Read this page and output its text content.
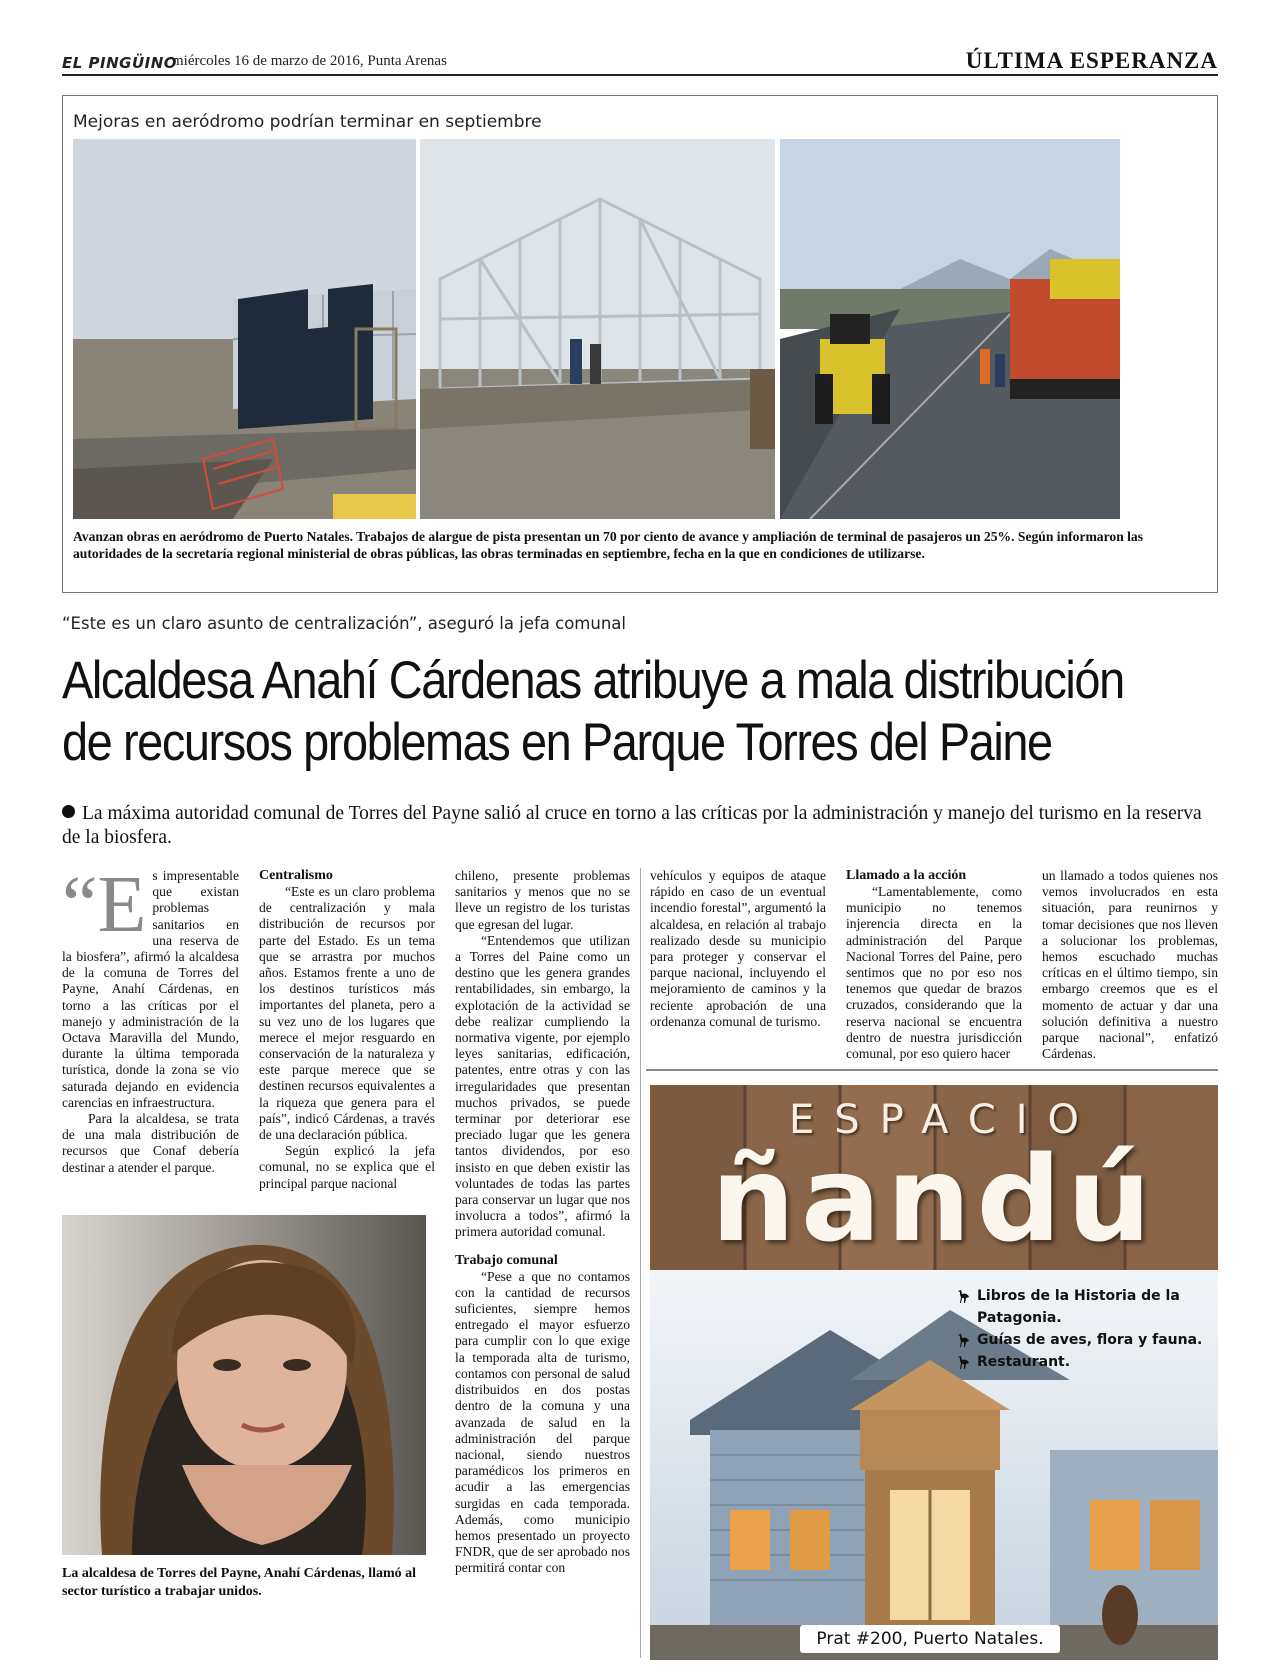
EL PINGÜINO
miércoles 16 de marzo de 2016, Punta Arenas	ÚLTIMA ESPERANZA
Mejoras en aeródromo podrían terminar en septiembre
Avanzan obras en aeródromo de Puerto Natales. Trabajos de alargue de pista presentan un 70 por ciento de avance y ampliación de terminal de pasajeros un 25%. Según informaron las autoridades de la secretaría regional ministerial de obras públicas, las obras terminadas en septiembre, fecha en la que en condiciones de utilizarse.
“Este es un claro asunto de centralización”, aseguró la jefa comunal
Alcaldesa Anahí Cárdenas atribuye a mala distribución
de recursos problemas en Parque Torres del Paine
La máxima autoridad comunal de Torres del Payne salió al cruce en torno a las críticas por la administración y manejo del turismo en la reserva de la biosfera.
“E s impresentable que existan problemas sanitarios en una reserva de la biosfera”, afirmó la alcaldesa de la comuna de Torres del Payne, Anahí Cárdenas, en torno a las críticas por el manejo y administración de la Octava Maravilla del Mundo, durante la última temporada turística, donde la zona se vio saturada dejando en evidencia carencias en infraestructura.

Para la alcaldesa, se trata de una mala distribución de recursos que Conaf debería destinar a atender el parque.

Centralismo

“Este es un claro problema de centralización y mala distribución de recursos por parte del Estado. Es un tema que se arrastra por muchos años. Estamos frente a uno de los destinos turísticos más importantes del planeta, pero a su vez uno de los lugares que merece el mejor resguardo en conservación de la naturaleza y este parque merece que se destinen recursos equivalentes a la riqueza que genera para el país”, indicó Cárdenas, a través de una declaración pública.

Según explicó la jefa comunal, no se explica que el principal parque nacional

chileno, presente problemas sanitarios y menos que no se lleve un registro de los turistas que egresan del lugar.

“Entendemos que utilizan a Torres del Paine como un destino que les genera grandes rentabilidades, sin embargo, la explotación de la actividad se debe realizar cumpliendo la normativa vigente, por ejemplo leyes sanitarias, edificación, patentes, entre otras y con las irregularidades que presentan muchos privados, se puede terminar por deteriorar ese preciado lugar que les genera tantos dividendos, por eso insisto en que deben existir las voluntades de todas las partes para conservar un lugar que nos involucra a todos”, afirmó la primera autoridad comunal.

Trabajo comunal

“Pese a que no contamos con la cantidad de recursos suficientes, siempre hemos entregado el mayor esfuerzo para cumplir con lo que exige la temporada alta de turismo, contamos con personal de salud distribuidos en dos postas dentro de la comuna y una avanzada de salud en la administración del parque nacional, siendo nuestros paramédicos los primeros en acudir a las emergencias surgidas en cada temporada. Además, como municipio hemos presentado un proyecto FNDR, que de ser aprobado nos permitirá contar con

vehículos y equipos de ataque rápido en caso de un eventual incendio forestal”, argumentó la alcaldesa, en relación al trabajo realizado desde su municipio para proteger y conservar el parque nacional, incluyendo el mejoramiento de caminos y la reciente aprobación de una ordenanza comunal de turismo.

Llamado a la acción

“Lamentablemente, como municipio no tenemos injerencia directa en la administración del Parque Nacional Torres del Paine, pero sentimos que no por eso nos tenemos que quedar de brazos cruzados, considerando que la reserva nacional se encuentra dentro de nuestra jurisdicción comunal, por eso quiero hacer

un llamado a todos quienes nos vemos involucrados en esta situación, para reunirnos y tomar decisiones que nos lleven a solucionar los problemas, hemos escuchado muchas críticas en el último tiempo, sin embargo creemos que es el momento de actuar y dar una solución definitiva a nuestro parque nacional”, enfatizó Cárdenas.

La alcaldesa de Torres del Payne, Anahí Cárdenas, llamó al sector turístico a trabajar unidos.
ESPACIO
ñandú
Libros de la Historia de la Patagonia.
Guías de aves, flora y fauna.
Restaurant.
Prat #200, Puerto Natales.
